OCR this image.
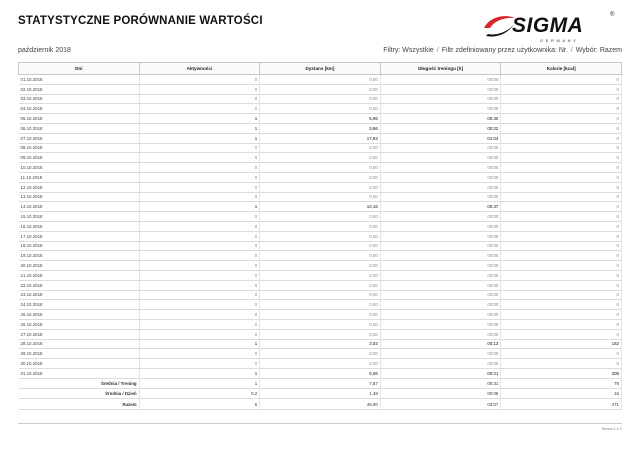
STATYSTYCZNE PORÓWNANIE WARTOŚCI	SIGMA	®
GERMANY
październik 2018	Filtry: Wszystkie / Filtr zdefiniowany przez użytkownika: Nr. / Wybór: Razem
Dni	Aktywności	Dystans [km]	Długość treningu [h]	Kalorie [kcal]
01.10.2018	0	0,00	00:00	0
02.10.2018	0	0,00	00:00	0
03.10.2018	0	0,00	00:00	0
04.10.2018	0	0,00	00:00	0
05.10.2018	1	5,96	00:30	0
06.10.2018	1	3,86	00:22	0
07.10.2018	1	17,93	01:04	0
08.10.2018	0	0,00	00:00	0
09.10.2018	0	0,00	00:00	0
10.10.2018	0	0,00	00:00	0
11.10.2018	0	0,00	00:00	0
12.10.2018	0	0,00	00:00	0
13.10.2018	0	0,00	00:00	0
14.10.2018	1	10,16	00:37	0
15.10.2018	0	0,00	00:00	0
16.10.2018	0	0,00	00:00	0
17.10.2018	0	0,00	00:00	0
18.10.2018	0	0,00	00:00	0
19.10.2018	0	0,00	00:00	0
20.10.2018	0	0,00	00:00	0
21.10.2018	0	0,00	00:00	0
22.10.2018	0	0,00	00:00	0
23.10.2018	0	0,00	00:00	0
24.10.2018	0	0,00	00:00	0
25.10.2018	0	0,00	00:00	0
26.10.2018	0	0,00	00:00	0
27.10.2018	0	0,00	00:00	0
28.10.2018	1	3,02	00:13	162
29.10.2018	0	0,00	00:00	0
30.10.2018	0	0,00	00:00	0
31.10.2018	1	5,06	00:21	309
Średnia / Trening	1	7,67	00:31	79
Średnia / Dzień	0,2	1,48	00:06	15
Razem	6	46,00	03:07	471
Strona 1 z 1
